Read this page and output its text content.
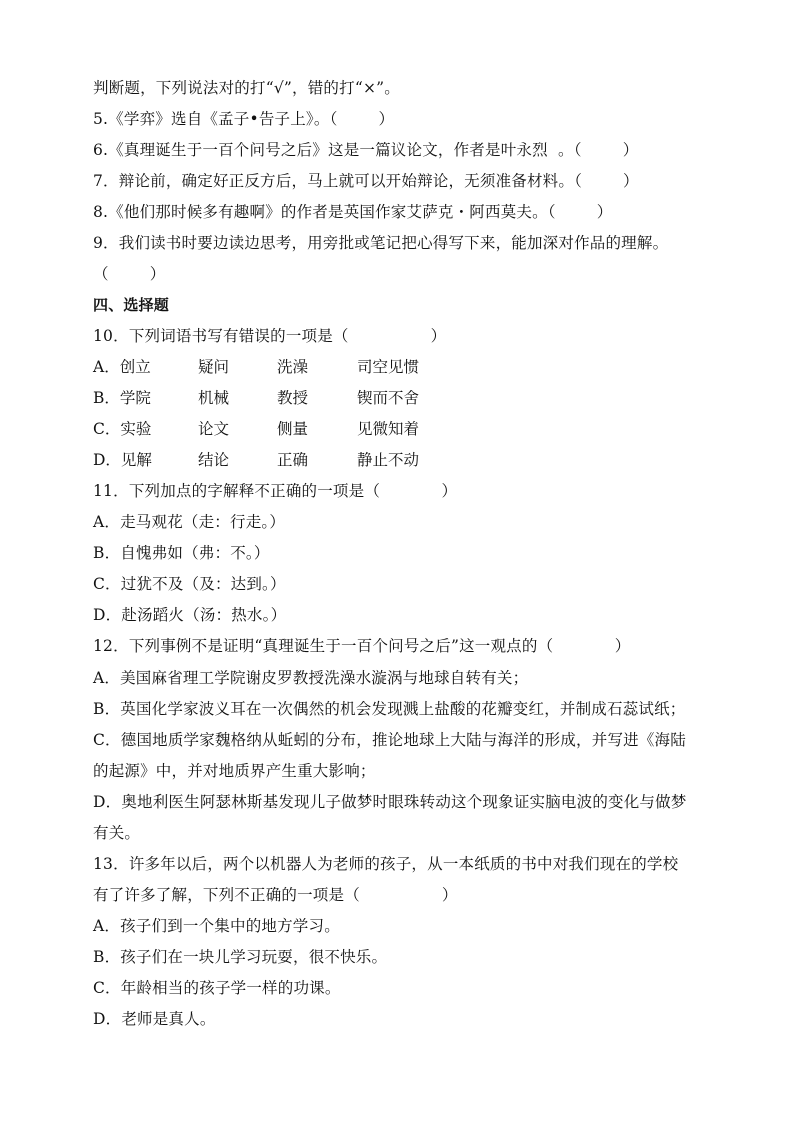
判断题，下列说法对的打“√”，错的打“×”。
5.《学弈》选自《孟子•告子上》。（        ）
6.《真理诞生于一百个问号之后》这是一篇议论文，作者是叶永烈  。（        ）
7．辩论前，确定好正反方后，马上就可以开始辩论，无须准备材料。（        ）
8.《他们那时候多有趣啊》的作者是英国作家艾萨克・阿西莫夫。（        ）
9．我们读书时要边读边思考，用旁批或笔记把心得写下来，能加深对作品的理解。
（        ）
四、选择题
10．下列词语书写有错误的一项是（                ）
A．创立	疑问	洗澡	司空见惯
B．学院	机械	教授	锲而不舍
C．实验	论文	侧量	见微知着
D．见解	结论	正确	静止不动
11．下列加点的字解释不正确的一项是（            ）
A．走马观花（走：行走。）
B．自愧弗如（弗：不。）
C．过犹不及（及：达到。）
D．赴汤蹈火（汤：热水。）
12．下列事例不是证明“真理诞生于一百个问号之后”这一观点的（            ）
A．美国麻省理工学院谢皮罗教授洗澡水漩涡与地球自转有关；
B．英国化学家波义耳在一次偶然的机会发现溅上盐酸的花瓣变红，并制成石蕊试纸；
C．德国地质学家魏格纳从蚯蚓的分布，推论地球上大陆与海洋的形成，并写进《海陆
的起源》中，并对地质界产生重大影响；
D．奥地利医生阿瑟林斯基发现儿子做梦时眼珠转动这个现象证实脑电波的变化与做梦
有关。
13．许多年以后，两个以机器人为老师的孩子，从一本纸质的书中对我们现在的学校
有了许多了解，下列不正确的一项是（                ）
A．孩子们到一个集中的地方学习。
B．孩子们在一块儿学习玩耍，很不快乐。
C．年龄相当的孩子学一样的功课。
D．老师是真人。
